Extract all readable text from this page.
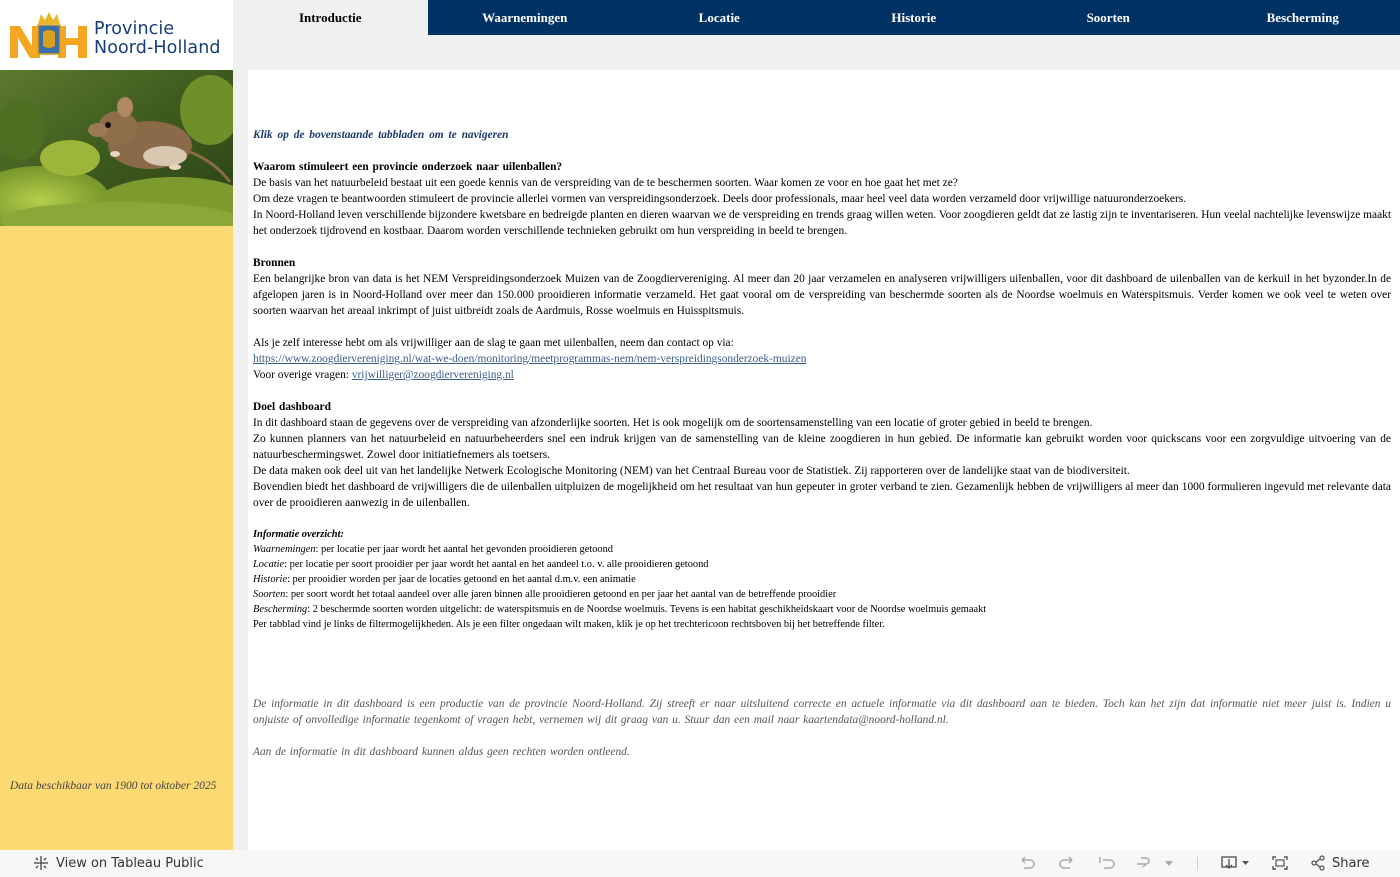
Provincie
Noord-Holland
Introductie	Waarnemingen	Locatie	Historie	Soorten	Bescherming
Data beschikbaar van 1900 tot oktober 2025
Klik op de bovenstaande tabbladen om te navigeren
Waarom stimuleert een provincie onderzoek naar uilenballen?
De basis van het natuurbeleid bestaat uit een goede kennis van de verspreiding van de te beschermen soorten. Waar komen ze voor en hoe gaat het met ze?
Om deze vragen te beantwoorden stimuleert de provincie allerlei vormen van verspreidingsonderzoek. Deels door professionals, maar heel veel data worden verzameld door vrijwillige natuuronderzoekers.
In Noord-Holland leven verschillende bijzondere kwetsbare en bedreigde planten en dieren waarvan we de verspreiding en trends graag willen weten. Voor zoogdieren geldt dat ze lastig zijn te inventariseren. Hun veelal nachtelijke levenswijze maakt het onderzoek tijdrovend en kostbaar. Daarom worden verschillende technieken gebruikt om hun verspreiding in beeld te brengen.
Bronnen
Een belangrijke bron van data is het NEM Verspreidingsonderzoek Muizen van de Zoogdiervereniging. Al meer dan 20 jaar verzamelen en analyseren vrijwilligers uilenballen, voor dit dashboard de uilenballen van de kerkuil in het byzonder.In de afgelopen jaren is in Noord-Holland over meer dan 150.000 prooidieren informatie verzameld. Het gaat vooral om de verspreiding van beschermde soorten als de Noordse woelmuis en Waterspitsmuis. Verder komen we ook veel te weten over soorten waarvan het areaal inkrimpt of juist uitbreidt zoals de Aardmuis, Rosse woelmuis en Huisspitsmuis.
Als je zelf interesse hebt om als vrijwilliger aan de slag te gaan met uilenballen, neem dan contact op via:
https://www.zoogdiervereniging.nl/wat-we-doen/monitoring/meetprogrammas-nem/nem-verspreidingsonderzoek-muizen
Voor overige vragen: vrijwilliger@zoogdiervereniging.nl
Doel dashboard
In dit dashboard staan de gegevens over de verspreiding van afzonderlijke soorten. Het is ook mogelijk om de soortensamenstelling van een locatie of groter gebied in beeld te brengen.
Zo kunnen planners van het natuurbeleid en natuurbeheerders snel een indruk krijgen van de samenstelling van de kleine zoogdieren in hun gebied. De informatie kan gebruikt worden voor quickscans voor een zorgvuldige uitvoering van de natuurbeschermingswet. Zowel door initiatiefnemers als toetsers.
De data maken ook deel uit van het landelijke Netwerk Ecologische Monitoring (NEM) van het Centraal Bureau voor de Statistiek. Zij rapporteren over de landelijke staat van de biodiversiteit.
Bovendien biedt het dashboard de vrijwilligers die de uilenballen uitpluizen de mogelijkheid om het resultaat van hun gepeuter in groter verband te zien. Gezamenlijk hebben de vrijwilligers al meer dan 1000 formulieren ingevuld met relevante data over de prooidieren aanwezig in de uilenballen.
Informatie overzicht:
Waarnemingen: per locatie per jaar wordt het aantal het gevonden prooidieren getoond
Locatie: per locatie per soort prooidier per jaar wordt het aantal en het aandeel t.o. v. alle prooidieren getoond
Historie: per prooidier worden per jaar de locaties getoond en het aantal d.m.v. een animatie
Soorten: per soort wordt het totaal aandeel over alle jaren binnen alle prooidieren getoond en per jaar het aantal van de betreffende prooidier
Bescherming: 2 beschermde soorten worden uitgelicht: de waterspitsmuis en de Noordse woelmuis. Tevens is een habitat geschikheidskaart voor de Noordse woelmuis gemaakt
Per tabblad vind je links de filtermogelijkheden. Als je een filter ongedaan wilt maken, klik je op het trechtericoon rechtsboven bij het betreffende filter.
De informatie in dit dashboard is een productie van de provincie Noord-Holland. Zij streeft er naar uitsluitend correcte en actuele informatie via dit dashboard aan te bieden. Toch kan het zijn dat informatie niet meer juist is. Indien u onjuiste of onvolledige informatie tegenkomt of vragen hebt, vernemen wij dit graag van u. Stuur dan een mail naar kaartendata@noord-holland.nl.
Aan de informatie in dit dashboard kunnen aldus geen rechten worden ontleend.
View on Tableau Public	Share
